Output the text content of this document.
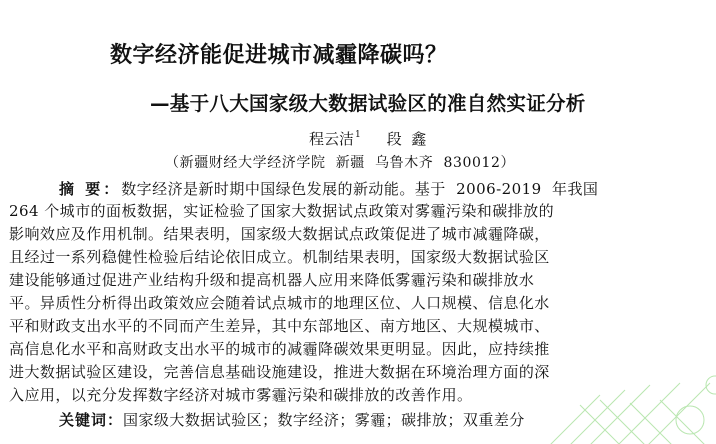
数字经济能促进城市减霾降碳吗？
—基于八大国家级大数据试验区的准自然实证分析
程云洁$^1$ 段  鑫
（新疆财经大学经济学院  新疆  乌鲁木齐  830012）
摘 要：数字经济是新时期中国绿色发展的新动能。基于  2006-2019  年我国
264 个城市的面板数据，实证检验了国家大数据试点政策对雾霾污染和碳排放的
影响效应及作用机制。结果表明，国家级大数据试点政策促进了城市减霾降碳，
且经过一系列稳健性检验后结论依旧成立。机制结果表明，国家级大数据试验区
建设能够通过促进产业结构升级和提高机器人应用来降低雾霾污染和碳排放水
平。异质性分析得出政策效应会随着试点城市的地理区位、人口规模、信息化水
平和财政支出水平的不同而产生差异，其中东部地区、南方地区、大规模城市、
高信息化水平和高财政支出水平的城市的减霾降碳效果更明显。因此，应持续推
进大数据试验区建设，完善信息基础设施建设，推进大数据在环境治理方面的深
入应用，以充分发挥数字经济对城市雾霾污染和碳排放的改善作用。
关键词：国家级大数据试验区；数字经济；雾霾；碳排放；双重差分
